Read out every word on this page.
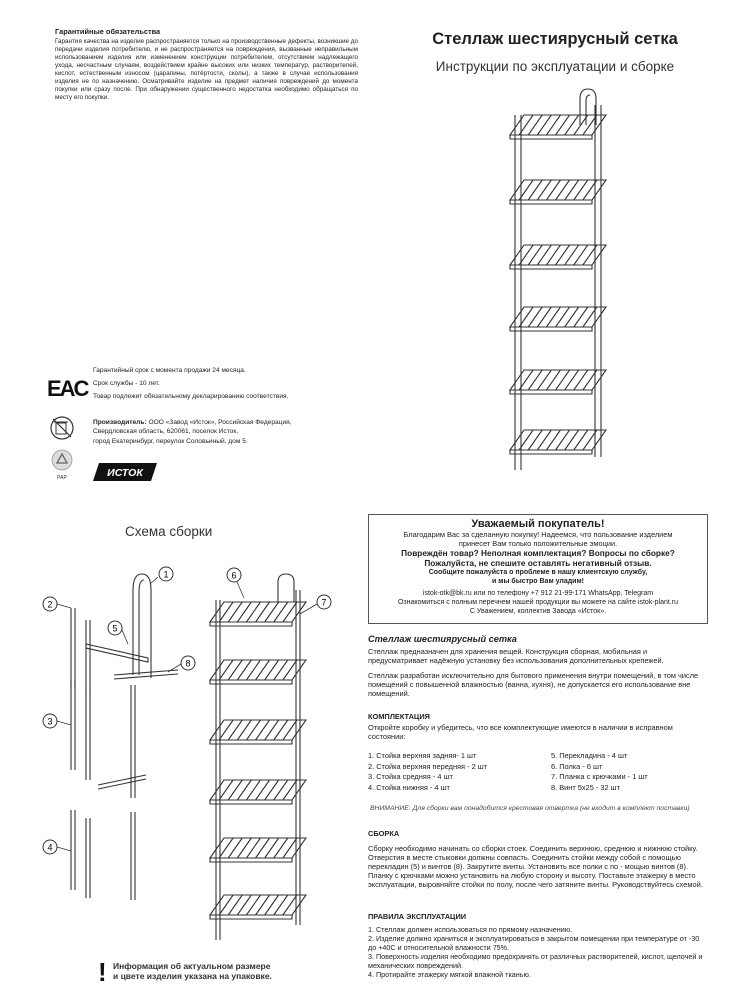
Гарантийные обязательства
Гарантия качества на изделие распространяется только на производственные дефекты, возникшие до передачи изделия потребителю, и не распространяется на повреждения, вызванные неправильным использованием изделия или изменением конструкции потребителем, отсутствием надлежащего ухода, несчастным случаям, воздействием крайне высоких или низких температур, растворителей, кислот, естественным износом (царапины, потёртости, сколы), а также в случае использования изделия не по назначению. Осматривайте изделие на предмет наличия повреждений до момента покупки или сразу после. При обнаружении существенного недостатка необходимо обращаться по месту его покупки.
Гарантийный срок с момента продажи 24 месяца.
Срок службы - 10 лет.
Товар подлежит обязательному декларированию соответствия.
EAC
Производитель: ООО «Завод «Исток», Российская Федерация,
Свердловская область, 620061, поселок Исток,
город Екатеринбург, переулок Соловьиный, дом 5.
PAP	ИСТОК
Стеллаж шестиярусный сетка
Инструкции по эксплуатации и сборке
Схема сборки
1
2
5
8
3
4
6
7
! Информация об актуальном размере
и цвете изделия указана на упаковке.
Уважаемый покупатель!
Благодарим Вас за сделанную покупку! Надеемся, что пользование изделием
принесет Вам только положительные эмоции.
Повреждён товар? Неполная комплектация? Вопросы по сборке?
Пожалуйста, не спешите оставлять негативный отзыв.
Сообщите пожалуйста о проблеме в нашу клиентскую службу,
и мы быстро Вам уладим!
istok-otk@bk.ru или по телефону +7 912 21-99-171 WhatsApp, Telegram
Ознакомиться с полным перечнем нашей продукции вы можете на сайте istok-plant.ru
С Уважением, коллектив Завода «Исток».
Стеллаж шестиярусный сетка
Стеллаж предназначен для хранения вещей. Конструкция сборная, мобильная и предусматривает надёжную установку без использования дополнительных крепежей.
Стеллаж разработан исключительно для бытового применения внутри помещений, в том числе помещений с повышенной влажностью (ванна, кухня), не допускается его использование вне помещений.
КОМПЛЕКТАЦИЯ
Откройте коробку и убедитесь, что все комплектующие имеются в наличии в исправном состоянии:
1. Стойка верхняя задняя- 1 шт
2. Стойка верхняя передняя - 2 шт
3. Стойка средняя - 4 шт
4. Стойка нижняя - 4 шт
5. Перекладина - 4 шт
6. Полка - 6 шт
7. Планка с крючками - 1 шт
8. Винт 5х25 - 32 шт
ВНИМАНИЕ: Для сборки вам понадобится крестовая отвертка (не входит в комплект поставки)
СБОРКА
Сборку необходимо начинать со сборки стоек. Соединить верхнюю, среднюю и нижнюю стойку. Отверстия в месте стыковки должны совпасть. Соединить стойки между собой с помощью перекладин (5) и винтов (8). Закрутите винты. Установить все полки с по - мощью винтов (8). Планку с крючками можно установить на любую сторону и высоту. Поставьте этажерку в место эксплуатации, выровняйте стойки по полу, после чего затяните винты. Руководствуйтесь схемой.
ПРАВИЛА ЭКСПЛУАТАЦИИ
1. Стеллаж должен использоваться по прямому назначению.
2. Изделие должно храниться и эксплуатироваться в закрытом помещении при температуре от -30 до +40С и относительной влажности 75%.
3. Поверхность изделия необходимо предохранять от различных растворителей, кислот, щелочей и механических повреждений.
4. Протирайте этажерку мягкой влажной тканью.
